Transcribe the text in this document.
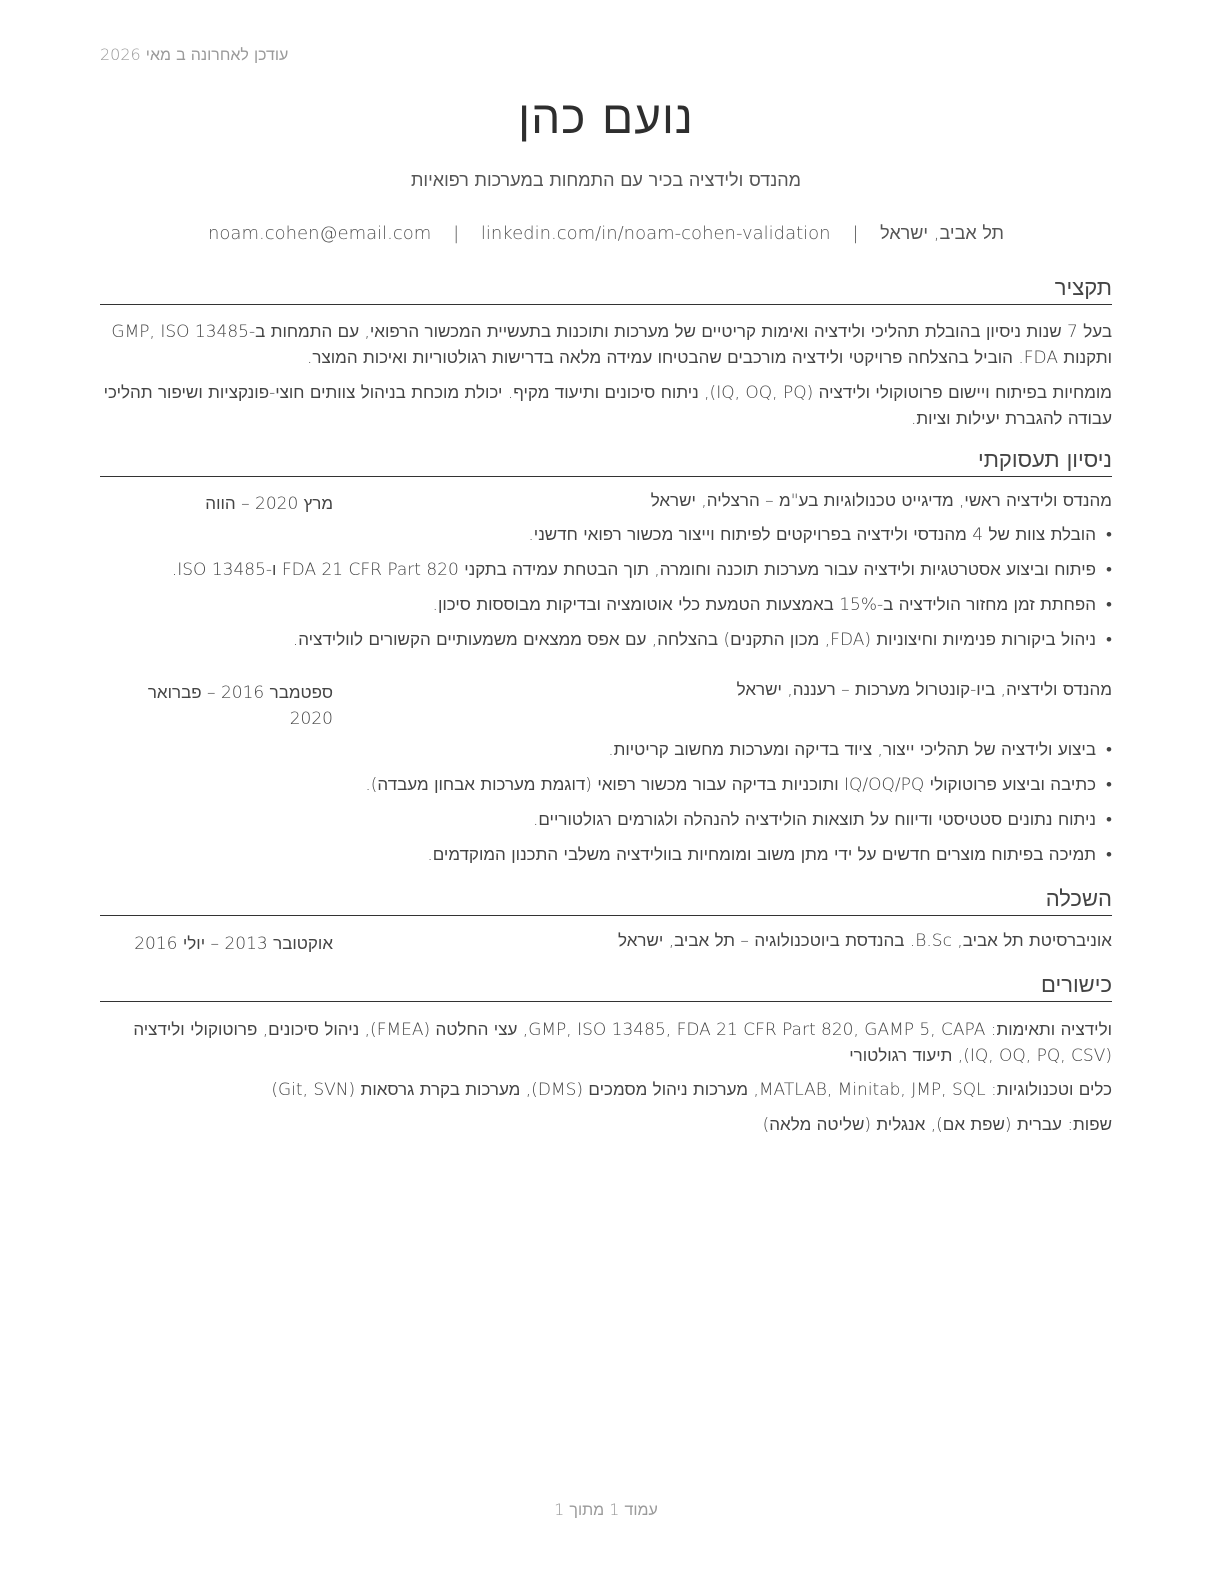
עודכן לאחרונה ב מאי 2026
נועם כהן
מהנדס ולידציה בכיר עם התמחות במערכות רפואיות
תל אביב, ישראל | noam.cohen@email.com | linkedin.com/in/noam-cohen-validation
תקציר
בעל 7 שנות ניסיון בהובלת תהליכי ולידציה ואימות קריטיים של מערכות ותוכנות בתעשיית המכשור הרפואי, עם התמחות ב-GMP, ISO 13485 ותקנות FDA. הוביל בהצלחה פרויקטי ולידציה מורכבים שהבטיחו עמידה מלאה בדרישות רגולטוריות ואיכות המוצר.
מומחיות בפיתוח ויישום פרוטוקולי ולידציה (IQ, OQ, PQ), ניתוח סיכונים ותיעוד מקיף. יכולת מוכחת בניהול צוותים חוצי-פונקציות ושיפור תהליכי עבודה להגברת יעילות וציות.
ניסיון תעסוקתי
מהנדס ולידציה ראשי, מדיגייט טכנולוגיות בע"מ – הרצליה, ישראל
מרץ 2020 – הווה
•
הובלת צוות של 4 מהנדסי ולידציה בפרויקטים לפיתוח וייצור מכשור רפואי חדשני.
•
פיתוח וביצוע אסטרטגיות ולידציה עבור מערכות תוכנה וחומרה, תוך הבטחת עמידה בתקני FDA 21 CFR Part 820 ו-ISO 13485.
•
הפחתת זמן מחזור הולידציה ב-15% באמצעות הטמעת כלי אוטומציה ובדיקות מבוססות סיכון.
•
ניהול ביקורות פנימיות וחיצוניות (FDA, מכון התקנים) בהצלחה, עם אפס ממצאים משמעותיים הקשורים לוולידציה.
מהנדס ולידציה, ביו-קונטרול מערכות – רעננה, ישראל
ספטמבר 2016 – פברואר 2020
•
ביצוע ולידציה של תהליכי ייצור, ציוד בדיקה ומערכות מחשוב קריטיות.
•
כתיבה וביצוע פרוטוקולי IQ/OQ/PQ ותוכניות בדיקה עבור מכשור רפואי (דוגמת מערכות אבחון מעבדה).
•
ניתוח נתונים סטטיסטי ודיווח על תוצאות הולידציה להנהלה ולגורמים רגולטוריים.
•
תמיכה בפיתוח מוצרים חדשים על ידי מתן משוב ומומחיות בוולידציה משלבי התכנון המוקדמים.
השכלה
אוניברסיטת תל אביב, B.Sc. בהנדסת ביוטכנולוגיה – תל אביב, ישראל
אוקטובר 2013 – יולי 2016
כישורים
ולידציה ותאימות: GMP, ISO 13485, FDA 21 CFR Part 820, GAMP 5, CAPA, עצי החלטה (FMEA), ניהול סיכונים, פרוטוקולי ולידציה (IQ, OQ, PQ, CSV), תיעוד רגולטורי
כלים וטכנולוגיות: MATLAB, Minitab, JMP, SQL, מערכות ניהול מסמכים (DMS), מערכות בקרת גרסאות (Git, SVN)
שפות: עברית (שפת אם), אנגלית (שליטה מלאה)
עמוד 1 מתוך 1
